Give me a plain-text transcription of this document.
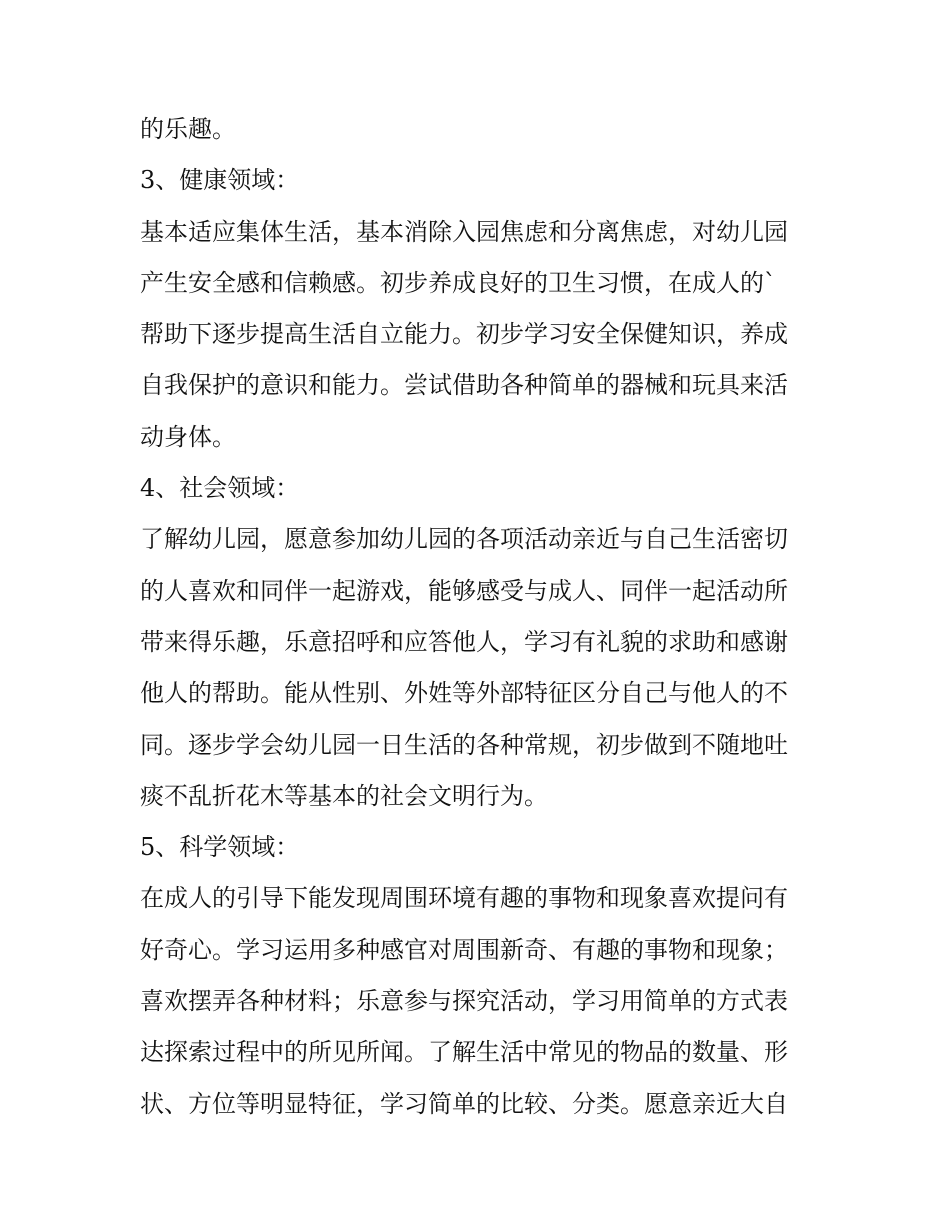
的乐趣。
3、健康领域：
基本适应集体生活，基本消除入园焦虑和分离焦虑，对幼儿园
产生安全感和信赖感。初步养成良好的卫生习惯，在成人的`
帮助下逐步提高生活自立能力。初步学习安全保健知识，养成
自我保护的意识和能力。尝试借助各种简单的器械和玩具来活
动身体。
4、社会领域：
了解幼儿园，愿意参加幼儿园的各项活动亲近与自己生活密切
的人喜欢和同伴一起游戏，能够感受与成人、同伴一起活动所
带来得乐趣，乐意招呼和应答他人，学习有礼貌的求助和感谢
他人的帮助。能从性别、外姓等外部特征区分自己与他人的不
同。逐步学会幼儿园一日生活的各种常规，初步做到不随地吐
痰不乱折花木等基本的社会文明行为。
5、科学领域：
在成人的引导下能发现周围环境有趣的事物和现象喜欢提问有
好奇心。学习运用多种感官对周围新奇、有趣的事物和现象；
喜欢摆弄各种材料；乐意参与探究活动，学习用简单的方式表
达探索过程中的所见所闻。了解生活中常见的物品的数量、形
状、方位等明显特征，学习简单的比较、分类。愿意亲近大自
